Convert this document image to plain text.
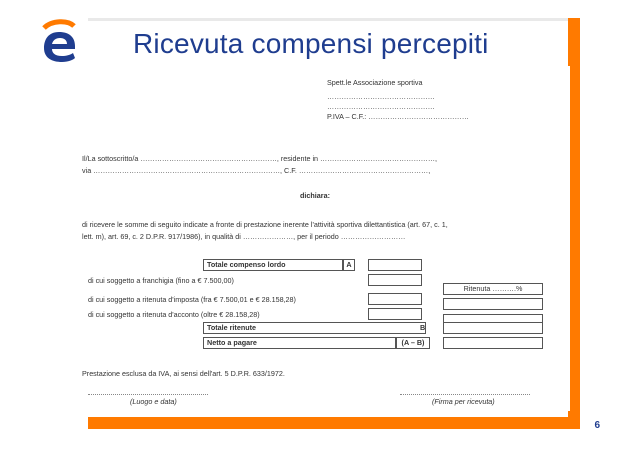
Ricevuta compensi percepiti
Spett.le Associazione sportiva
………………………………………
………………………………………
P.IVA – C.F.: ……………………………………
Il/La sottoscritto/a …………………………………………………, residente in …………………………………………,
via ……………………………………………………………………, C.F. ………………………………………………,
dichiara:
di ricevere le somme di seguito indicate a fronte di prestazione inerente l'attività sportiva dilettantistica (art. 67, c. 1,
lett. m), art. 69, c. 2 D.P.R. 917/1986), in qualità di …………………, per il periodo ………………………
Totale compenso lordo	A
di cui soggetto a franchigia (fino a € 7.500,00)
Ritenuta ……….%
di cui soggetto a ritenuta d'imposta (fra € 7.500,01 e € 28.158,28)
di cui soggetto a ritenuta d'acconto (oltre € 28.158,28)
Totale ritenute	B
Netto a pagare	(A – B)
Prestazione esclusa da IVA, ai sensi dell'art. 5 D.P.R. 633/1972.
(Luogo e data)	(Firma per ricevuta)
6
